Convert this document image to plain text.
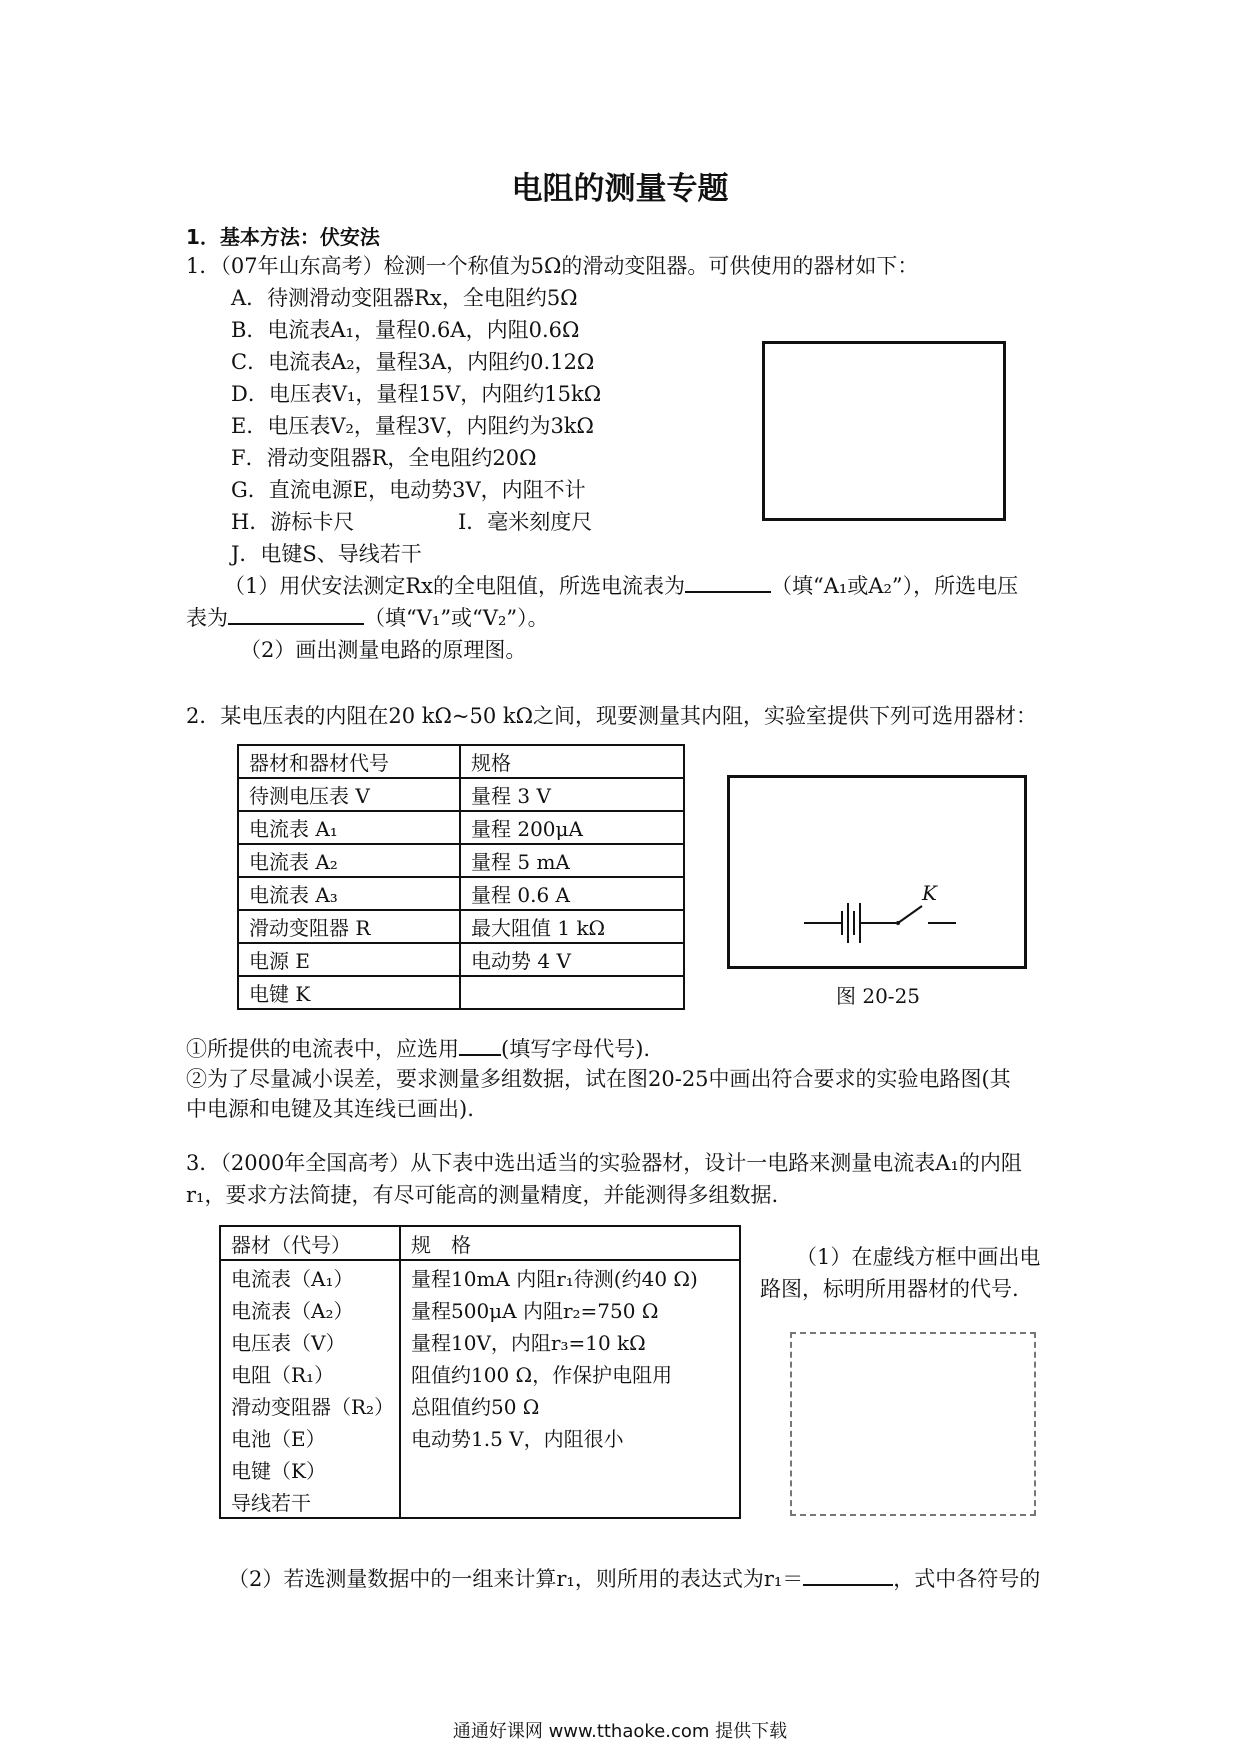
电阻的测量专题
1．基本方法：伏安法
1．（07年山东高考）检测一个称值为5Ω的滑动变阻器。可供使用的器材如下：
A．待测滑动变阻器Rx，全电阻约5Ω
B．电流表A₁，量程0.6A，内阻0.6Ω
C．电流表A₂，量程3A，内阻约0.12Ω
D．电压表V₁，量程15V，内阻约15kΩ
E．电压表V₂，量程3V，内阻约为3kΩ
F．滑动变阻器R，全电阻约20Ω
G．直流电源E，电动势3V，内阻不计
H．游标卡尺	I．毫米刻度尺
J．电键S、导线若干
（1）用伏安法测定Rx的全电阻值，所选电流表为	（填“A₁或A₂”），所选电压
表为	（填“V₁”或“V₂”）。
（2）画出测量电路的原理图。
2．某电压表的内阻在20 kΩ~50 kΩ之间，现要测量其内阻，实验室提供下列可选用器材：
器材和器材代号	规格
待测电压表 V	量程 3 V
电流表 A₁	量程 200μA
电流表 A₂	量程 5 mA
电流表 A₃	量程 0.6 A
滑动变阻器 R	最大阻值 1 kΩ
电源 E	电动势 4 V
电键 K	
K
图 20-25
①所提供的电流表中，应选用 (填写字母代号).
②为了尽量减小误差，要求测量多组数据，试在图20-25中画出符合要求的实验电路图(其
中电源和电键及其连线已画出).
3．（2000年全国高考）从下表中选出适当的实验器材，设计一电路来测量电流表A₁的内阻
r₁，要求方法简捷，有尽可能高的测量精度，并能测得多组数据.
器材（代号）	规　格
电流表（A₁）	量程10mA 内阻r₁待测(约40 Ω)
电流表（A₂）	量程500μA 内阻r₂=750 Ω
电压表（V）	量程10V，内阻r₃=10 kΩ
电阻（R₁）	阻值约100 Ω，作保护电阻用
滑动变阻器（R₂）	总阻值约50 Ω
电池（E）	电动势1.5 V，内阻很小
电键（K）	
导线若干	
（1）在虚线方框中画出电
路图，标明所用器材的代号.
（2）若选测量数据中的一组来计算r₁，则所用的表达式为r₁＝	，式中各符号的
通通好课网 www.tthaoke.com 提供下载
